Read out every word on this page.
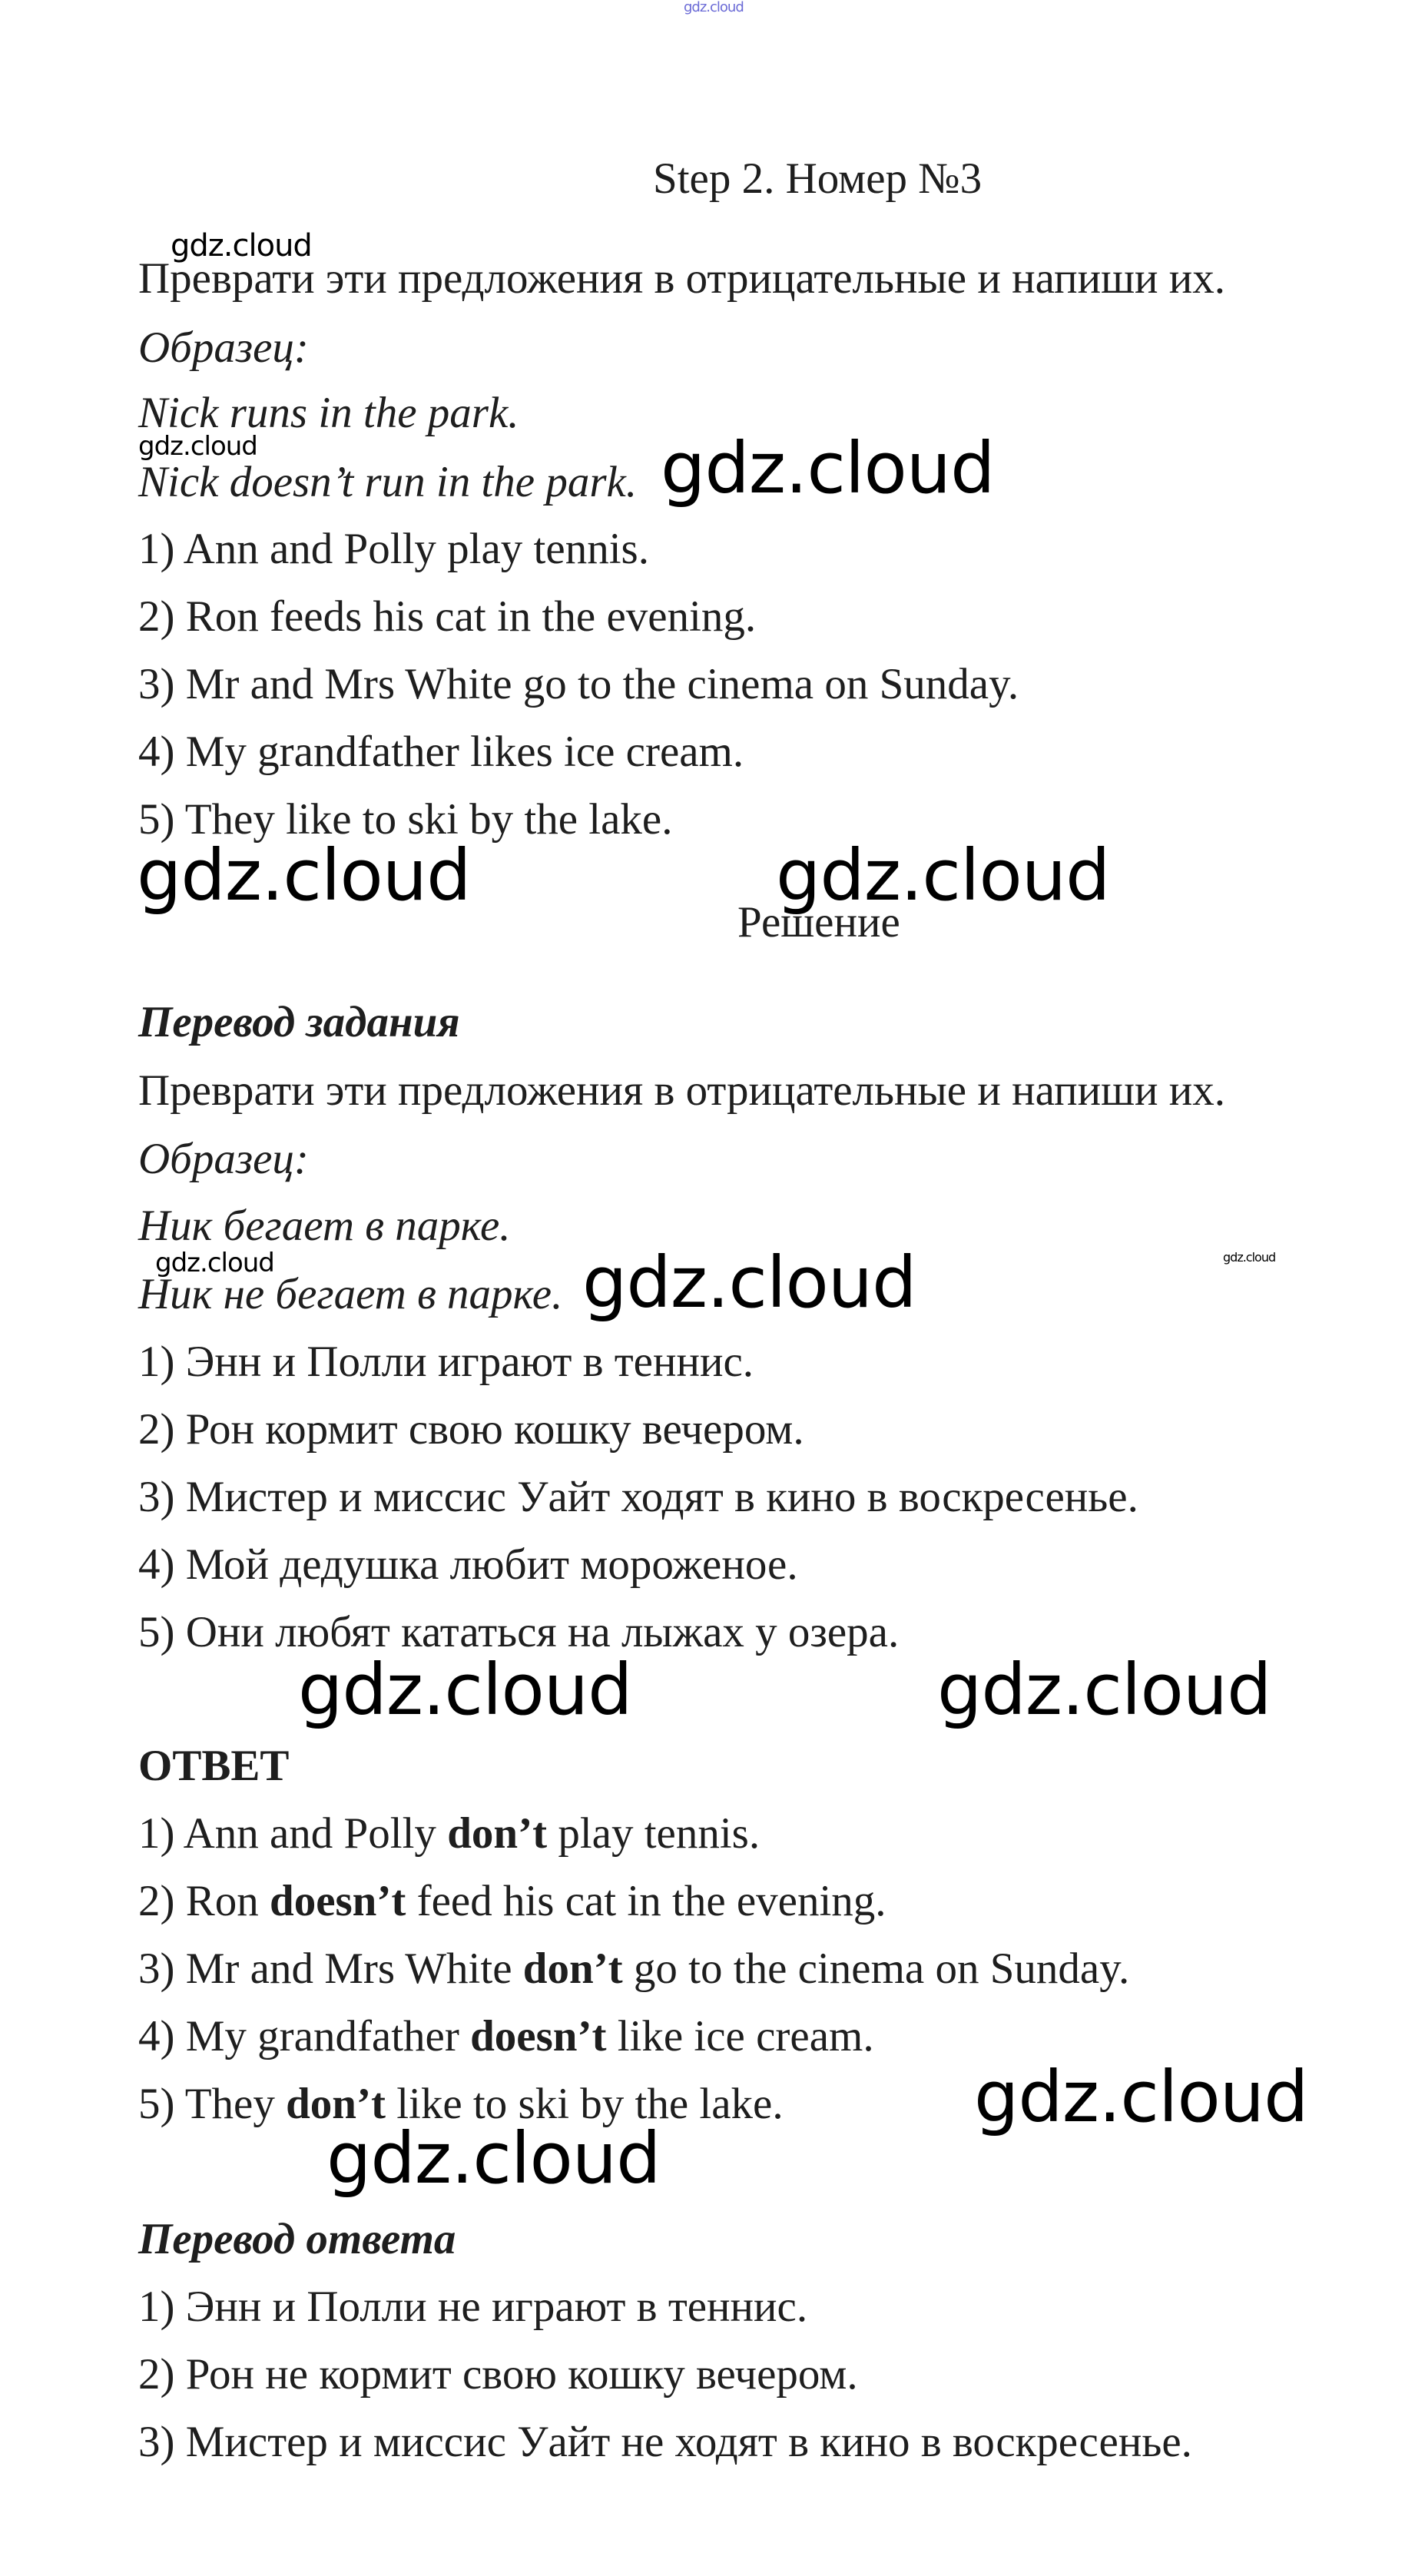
gdz.cloud
gdz.cloud
gdz.cloud	gdz.cloud
gdz.cloud	gdz.cloud
gdz.cloud	gdz.cloud
gdz.cloud
gdz.cloud	gdz.cloud
gdz.cloud
gdz.cloud

Step 2. Номер №3

Преврати эти предложения в отрицательные и напиши их.

Образец:

Nick runs in the park.

Nick doesn’t run in the park.

1) Ann and Polly play tennis.

2) Ron feeds his cat in the evening.

3) Mr and Mrs White go to the cinema on Sunday.

4) My grandfather likes ice cream.

5) They like to ski by the lake.

Решение

Перевод задания

Преврати эти предложения в отрицательные и напиши их.

Образец:

Ник бегает в парке.

Ник не бегает в парке.

1) Энн и Полли играют в теннис.

2) Рон кормит свою кошку вечером.

3) Мистер и миссис Уайт ходят в кино в воскресенье.

4) Мой дедушка любит мороженое.

5) Они любят кататься на лыжах у озера.

ОТВЕТ

1) Ann and Polly don’t play tennis.

2) Ron doesn’t feed his cat in the evening.

3) Mr and Mrs White don’t go to the cinema on Sunday.

4) My grandfather doesn’t like ice cream.

5) They don’t like to ski by the lake.

Перевод ответа

1) Энн и Полли не играют в теннис.

2) Рон не кормит свою кошку вечером.

3) Мистер и миссис Уайт не ходят в кино в воскресенье.
